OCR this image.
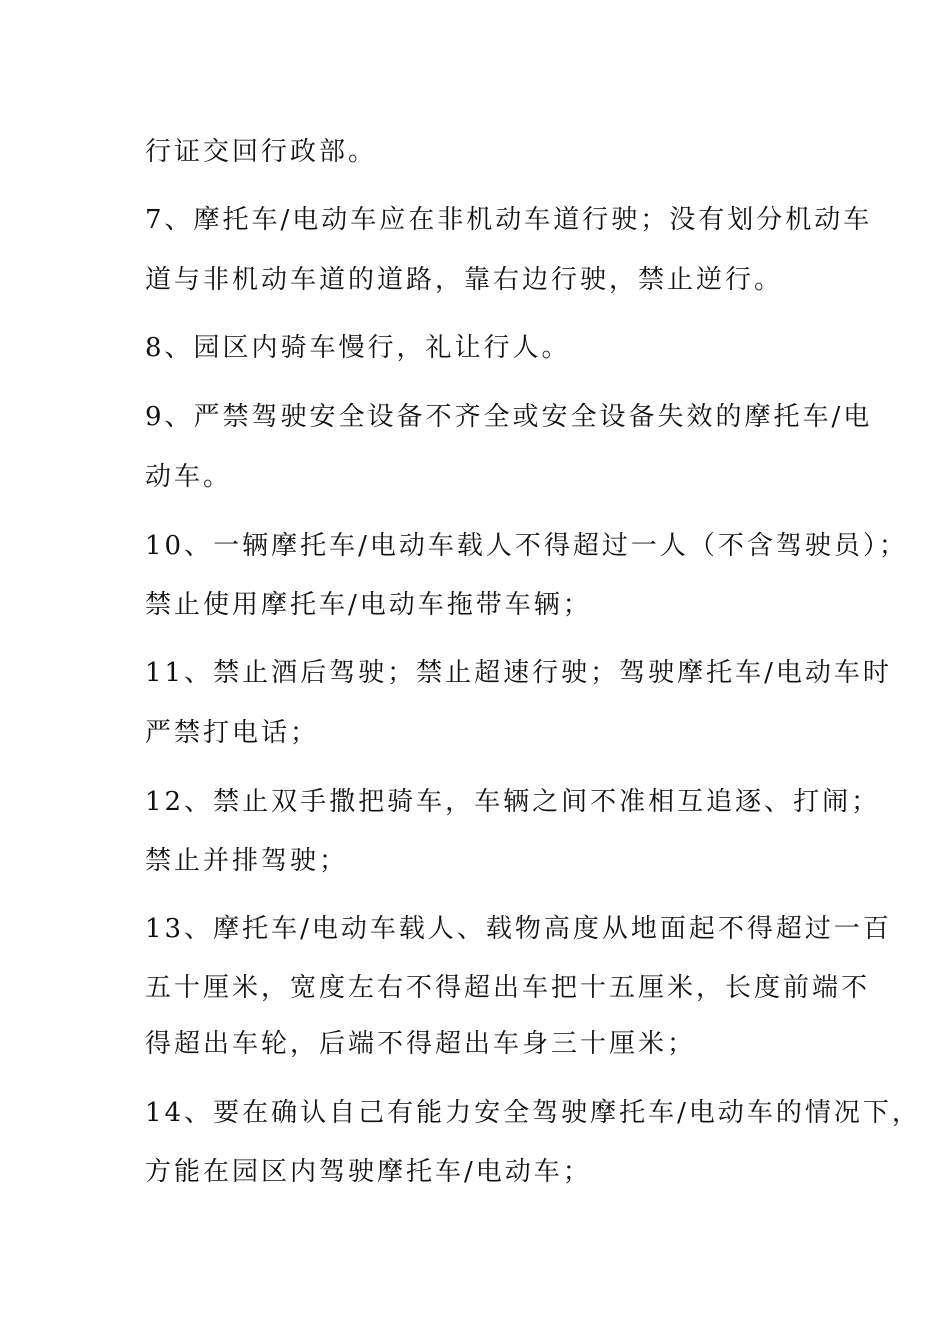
行证交回行政部。
7、摩托车/电动车应在非机动车道行驶；没有划分机动车
道与非机动车道的道路，靠右边行驶，禁止逆行。
8、园区内骑车慢行，礼让行人。
9、严禁驾驶安全设备不齐全或安全设备失效的摩托车/电
动车。
10、一辆摩托车/电动车载人不得超过一人（不含驾驶员）；
禁止使用摩托车/电动车拖带车辆；
11、禁止酒后驾驶；禁止超速行驶；驾驶摩托车/电动车时
严禁打电话；
12、禁止双手撒把骑车，车辆之间不准相互追逐、打闹；
禁止并排驾驶；
13、摩托车/电动车载人、载物高度从地面起不得超过一百
五十厘米，宽度左右不得超出车把十五厘米，长度前端不
得超出车轮，后端不得超出车身三十厘米；
14、要在确认自己有能力安全驾驶摩托车/电动车的情况下，
方能在园区内驾驶摩托车/电动车；
